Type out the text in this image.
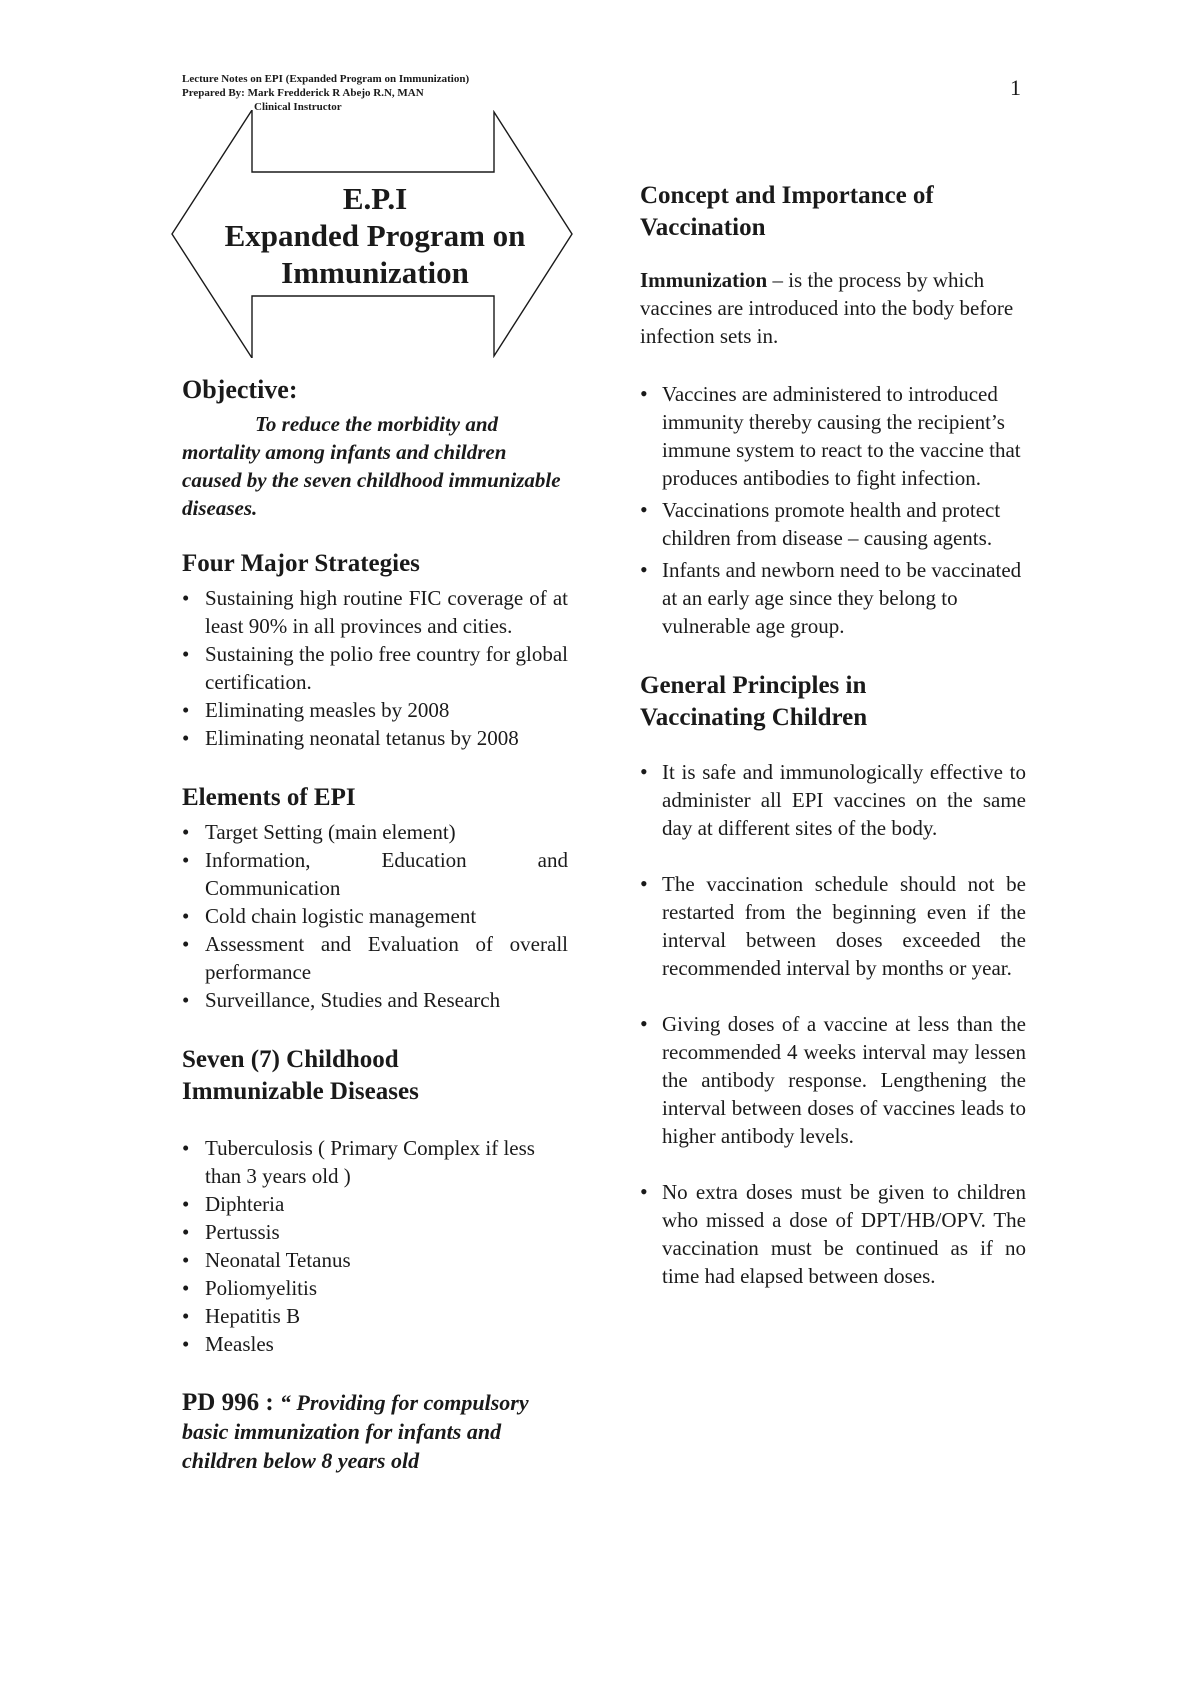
Lecture Notes on EPI (Expanded Program on Immunization)
Prepared By: Mark Fredderick R Abejo R.N, MAN
Clinical Instructor
1
E.P.I
Expanded Program on
Immunization
Objective:

To reduce the morbidity and mortality among infants and children caused by the seven childhood immunizable diseases.

Four Major Strategies
• Sustaining high routine FIC coverage of at least 90% in all provinces and cities.
• Sustaining the polio free country for global certification.
• Eliminating measles by 2008
• Eliminating neonatal tetanus by 2008
Elements of EPI
• Target Setting (main element)
• Information, Education and Communication
• Cold chain logistic management
• Assessment and Evaluation of overall performance
• Surveillance, Studies and Research
Seven (7) Childhood
Immunizable Diseases
• Tuberculosis ( Primary Complex if less than 3 years old )
• Diphteria
• Pertussis
• Neonatal Tetanus
• Poliomyelitis
• Hepatitis B
• Measles
PD 996 : “ Providing for compulsory basic immunization for infants and children below 8 years old
Concept and Importance of
Vaccination

Immunization – is the process by which vaccines are introduced into the body before infection sets in.

• Vaccines are administered to introduced immunity thereby causing the recipient’s immune system to react to the vaccine that produces antibodies to fight infection.
• Vaccinations promote health and protect children from disease – causing agents.
• Infants and newborn need to be vaccinated at an early age since they belong to vulnerable age group.
General Principles in
Vaccinating Children
• It is safe and immunologically effective to administer all EPI vaccines on the same day at different sites of the body.
• The vaccination schedule should not be restarted from the beginning even if the interval between doses exceeded the recommended interval by months or year.
• Giving doses of a vaccine at less than the recommended 4 weeks interval may lessen the antibody response. Lengthening the interval between doses of vaccines leads to higher antibody levels.
• No extra doses must be given to children who missed a dose of DPT/HB/OPV. The vaccination must be continued as if no time had elapsed between doses.
